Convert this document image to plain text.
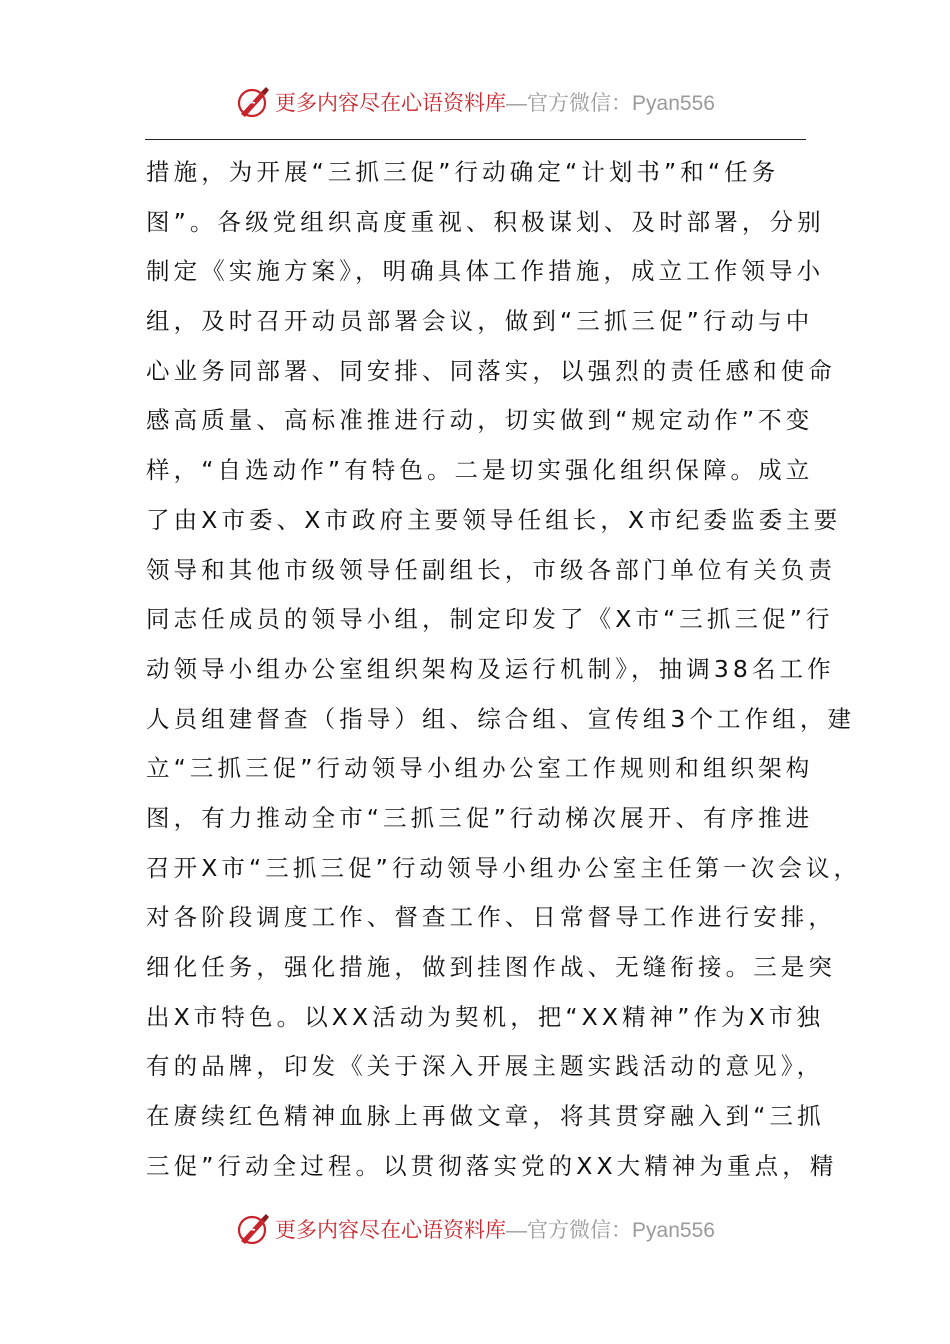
更多内容尽在心语资料库—官方微信：Pyan556
措施，为开展“三抓三促”行动确定“计划书”和“任务
图”。各级党组织高度重视、积极谋划、及时部署，分别
制定《实施方案》，明确具体工作措施，成立工作领导小
组，及时召开动员部署会议，做到“三抓三促”行动与中
心业务同部署、同安排、同落实，以强烈的责任感和使命
感高质量、高标准推进行动，切实做到“规定动作”不变
样，“自选动作”有特色。二是切实强化组织保障。成立
了由X市委、X市政府主要领导任组长，X市纪委监委主要
领导和其他市级领导任副组长，市级各部门单位有关负责
同志任成员的领导小组，制定印发了《X市“三抓三促”行
动领导小组办公室组织架构及运行机制》，抽调38名工作
人员组建督查（指导）组、综合组、宣传组3个工作组，建
立“三抓三促”行动领导小组办公室工作规则和组织架构
图，有力推动全市“三抓三促”行动梯次展开、有序推进
召开X市“三抓三促”行动领导小组办公室主任第一次会议，
对各阶段调度工作、督查工作、日常督导工作进行安排，
细化任务，强化措施，做到挂图作战、无缝衔接。三是突
出X市特色。以XX活动为契机，把“XX精神”作为X市独
有的品牌，印发《关于深入开展主题实践活动的意见》，
在赓续红色精神血脉上再做文章，将其贯穿融入到“三抓
三促”行动全过程。以贯彻落实党的XX大精神为重点，精
更多内容尽在心语资料库—官方微信：Pyan556
